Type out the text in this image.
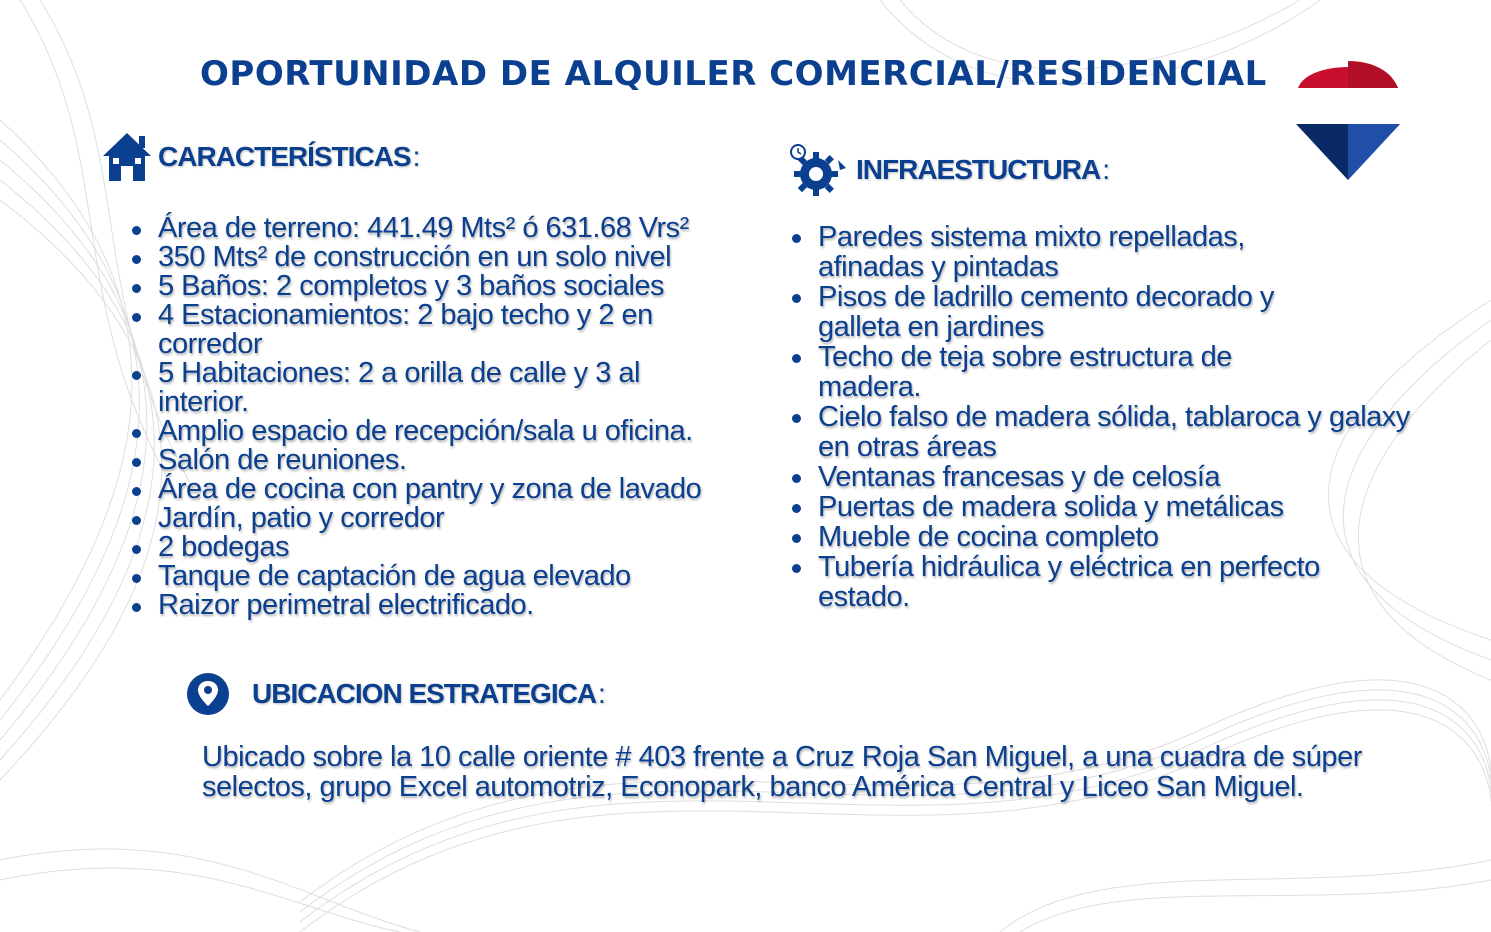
OPORTUNIDAD DE ALQUILER COMERCIAL/RESIDENCIAL
CARACTERÍSTICAS :
Área de terreno: 441.49 Mts² ó 631.68 Vrs²
350 Mts² de construcción en un solo nivel
5 Baños: 2 completos y 3 baños sociales
4 Estacionamientos: 2 bajo techo y 2 en corredor
5 Habitaciones: 2 a orilla de calle y 3 al interior.
Amplio espacio de recepción/sala u oficina.
Salón de reuniones.
Área de cocina con pantry y zona de lavado
Jardín, patio y corredor
2 bodegas
Tanque de captación de agua elevado
Raizor perimetral electrificado.
INFRAESTUCTURA :
Paredes sistema mixto repelladas, afinadas y pintadas
Pisos de ladrillo cemento decorado y galleta en jardines
Techo de teja sobre estructura de madera.
Cielo falso de madera sólida, tablaroca y galaxy en otras áreas
Ventanas francesas y de celosía
Puertas de madera solida y metálicas
Mueble de cocina completo
Tubería hidráulica y eléctrica en perfecto estado.
UBICACION ESTRATEGICA :

Ubicado sobre la 10 calle oriente # 403 frente a Cruz Roja San Miguel, a una cuadra de súper selectos, grupo Excel automotriz, Econopark, banco América Central y Liceo San Miguel.
